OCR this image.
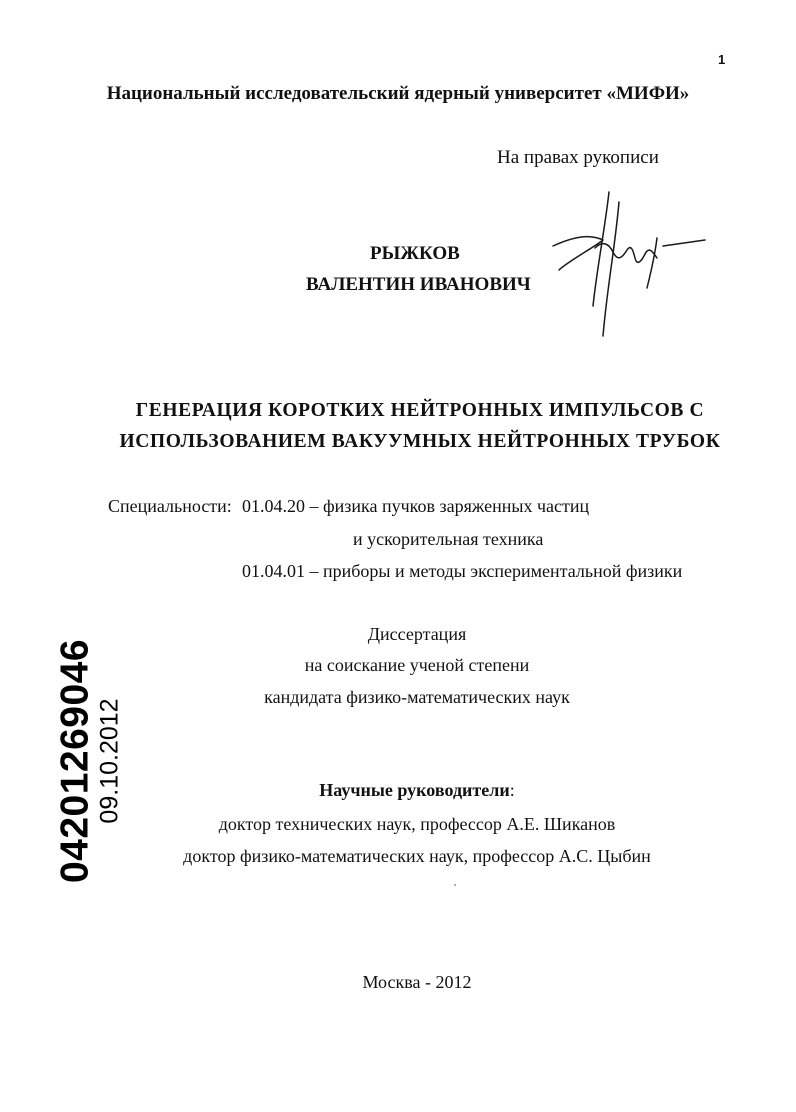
1
Национальный исследовательский ядерный университет «МИФИ»
На правах рукописи
РЫЖКОВ
ВАЛЕНТИН ИВАНОВИЧ
ГЕНЕРАЦИЯ КОРОТКИХ НЕЙТРОННЫХ ИМПУЛЬСОВ С
ИСПОЛЬЗОВАНИЕМ ВАКУУМНЫХ НЕЙТРОННЫХ ТРУБОК
Специальности: 01.04.20 – физика пучков заряженных частиц
и ускорительная техника
01.04.01 – приборы и методы экспериментальной физики
Диссертация
на соискание ученой степени
кандидата физико-математических наук
Научные руководители:
доктор технических наук, профессор А.Е. Шиканов
доктор физико-математических наук, профессор А.С. Цыбин
Москва - 2012
04201269046 09.10.2012
